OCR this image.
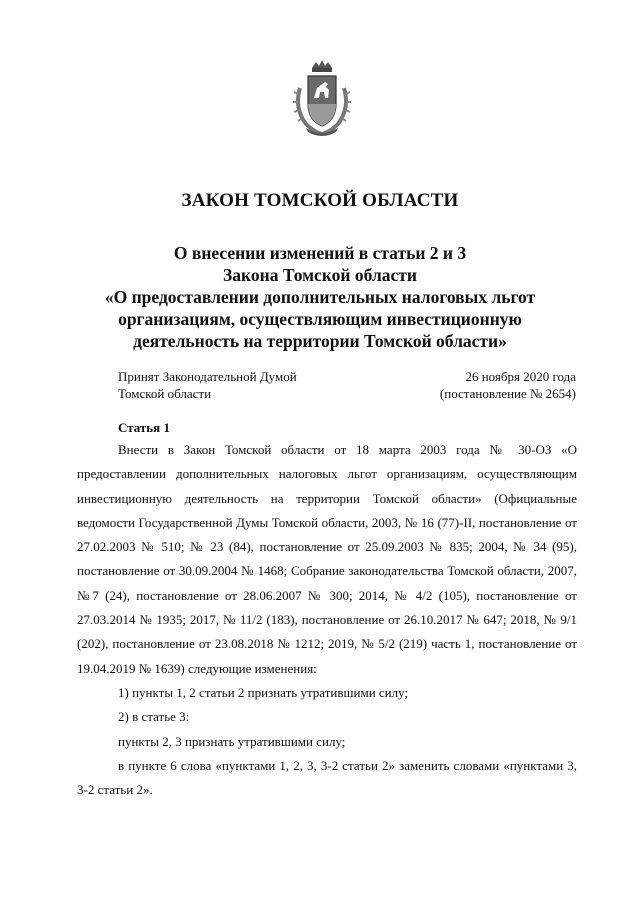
ЗАКОН ТОМСКОЙ ОБЛАСТИ
О внесении изменений в статьи 2 и 3
Закона Томской области
«О предоставлении дополнительных налоговых льгот
организациям, осуществляющим инвестиционную
деятельность на территории Томской области»
Принят Законодательной Думой
Томской области
26 ноября 2020 года
(постановление № 2654)
Статья 1

Внести в Закон Томской области от 18 марта 2003 года № 30-ОЗ «О предоставлении дополнительных налоговых льгот организациям, осуществляющим инвестиционную деятельность на территории Томской области» (Официальные ведомости Государственной Думы Томской области, 2003, № 16 (77)-II, постановление от 27.02.2003 № 510; № 23 (84), постановление от 25.09.2003 № 835; 2004, № 34 (95), постановление от 30.09.2004 № 1468; Собрание законодательства Томской области, 2007, №7 (24), постановление от 28.06.2007 № 300; 2014, № 4/2 (105), постановление от 27.03.2014 № 1935; 2017, № 11/2 (183), постановление от 26.10.2017 № 647; 2018, № 9/1 (202), постановление от 23.08.2018 № 1212; 2019, № 5/2 (219) часть 1, постановление от 19.04.2019 № 1639) следующие изменения:

1) пункты 1, 2 статьи 2 признать утратившими силу;

2) в статье 3:

пункты 2, 3 признать утратившими силу;

в пункте 6 слова «пунктами 1, 2, 3, 3-2 статьи 2» заменить словами «пунктами 3, 3-2 статьи 2».
